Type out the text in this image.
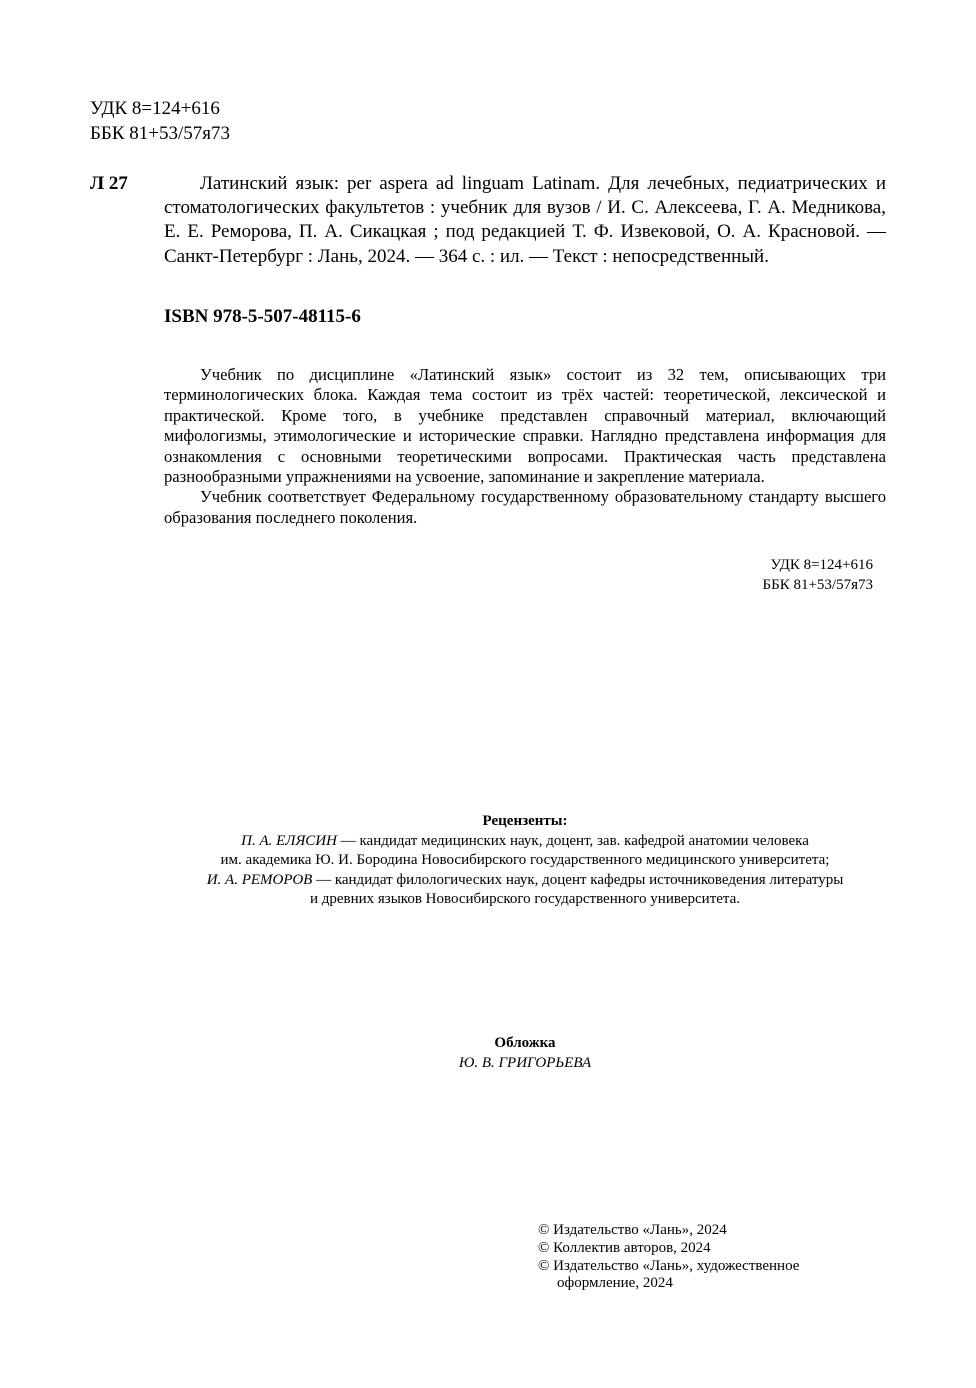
УДК 8=124+616
ББК 81+53/57я73
Л 27	Латинский язык: per aspera ad linguam Latinam. Для лечебных, педиатрических и стоматологических факультетов : учебник для вузов / И. С. Алексеева, Г. А. Медникова, Е. Е. Реморова, П. А. Сикацкая ; под редакцией Т. Ф. Извековой, О. А. Красновой. — Санкт-Петербург : Лань, 2024. — 364 с. : ил. — Текст : непосредственный.

ISBN 978-5-507-48115-6

Учебник по дисциплине «Латинский язык» состоит из 32 тем, описывающих три терминологических блока. Каждая тема состоит из трёх частей: теоретической, лексической и практической. Кроме того, в учебнике представлен справочный материал, включающий мифологизмы, этимологические и исторические справки. Наглядно представлена информация для ознакомления с основными теоретическими вопросами. Практическая часть представлена разнообразными упражнениями на усвоение, запоминание и закрепление материала.

Учебник соответствует Федеральному государственному образовательному стандарту высшего образования последнего поколения.

УДК 8=124+616
ББК 81+53/57я73
Рецензенты:
П. А. ЕЛЯСИН — кандидат медицинских наук, доцент, зав. кафедрой анатомии человека
им. академика Ю. И. Бородина Новосибирского государственного медицинского университета;
И. А. РЕМОРОВ — кандидат филологических наук, доцент кафедры источниковедения литературы
и древних языков Новосибирского государственного университета.
Обложка
Ю. В. ГРИГОРЬЕВА
© Издательство «Лань», 2024
© Коллектив авторов, 2024
© Издательство «Лань», художественное
оформление, 2024
